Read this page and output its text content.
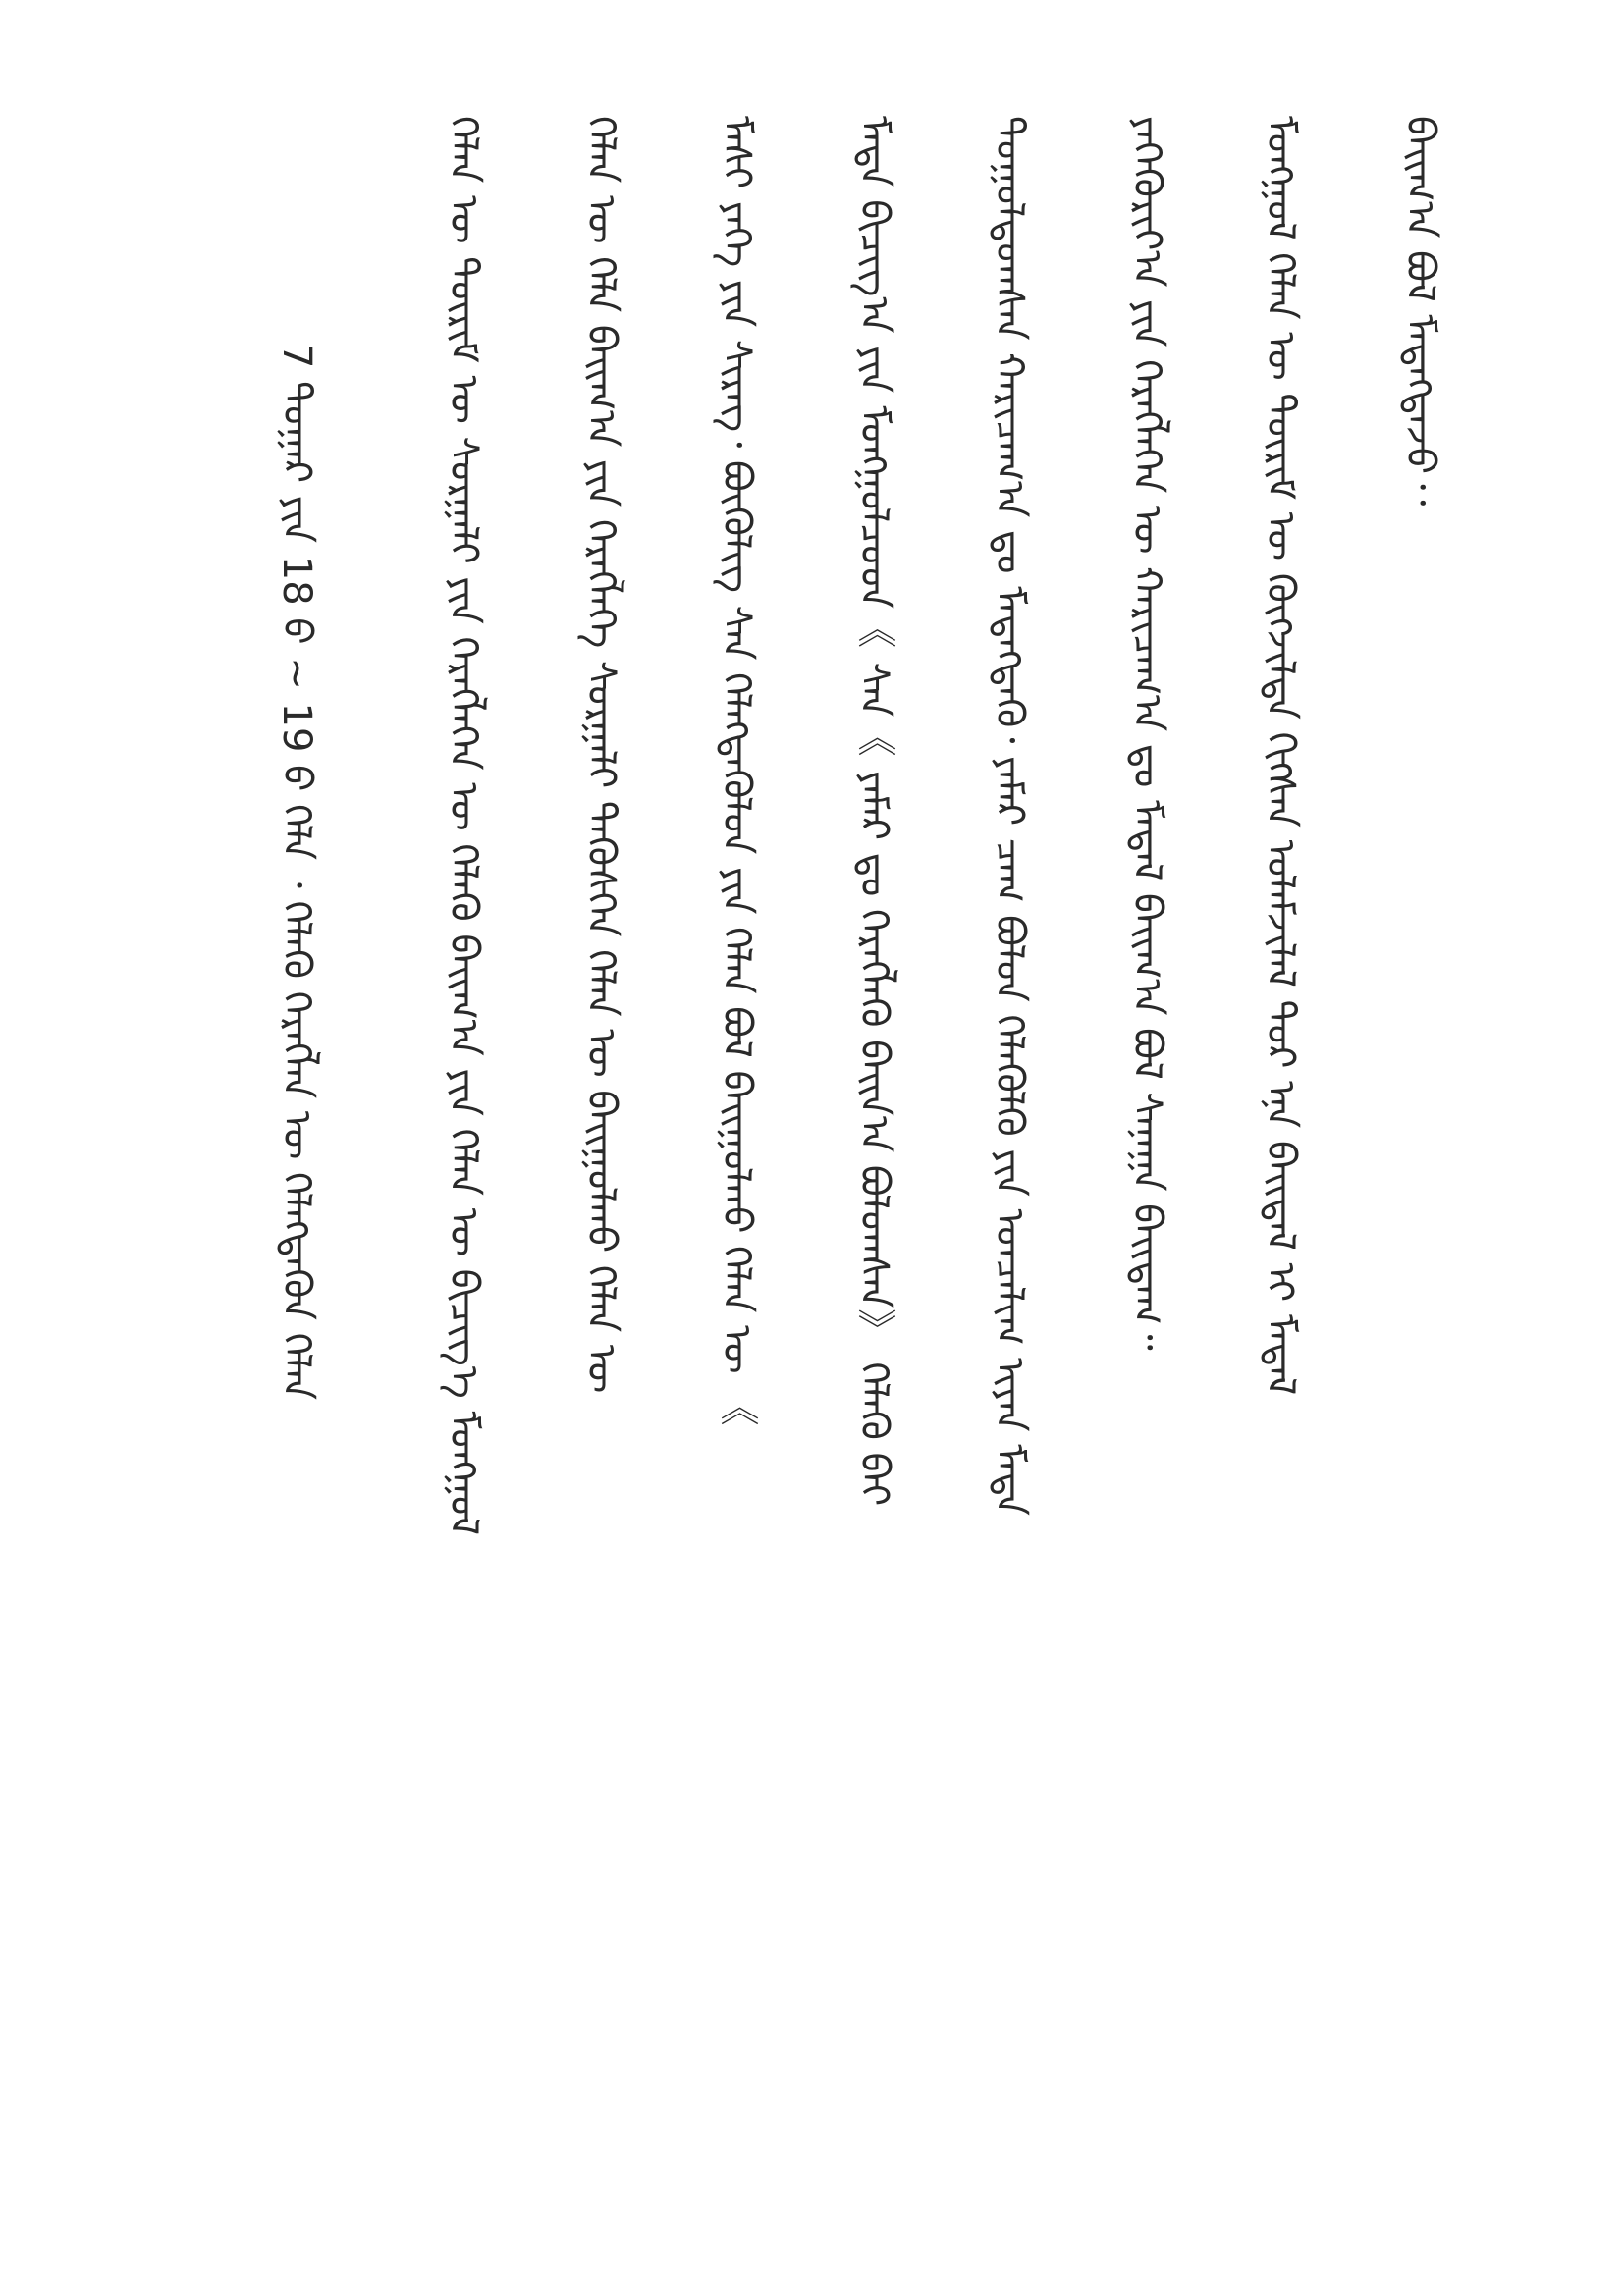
ᠪᠠᠢᠭ᠎ᠠ ᠪᠣᠯ ᠮᠡᠳᠡᠭᠳᠡᠵᠦ᠂᠂
ᠮᠣᠩᠭᠣᠯ ᠬᠡᠯᠡᠨ ᠦ ᠳᠦᠷᠢᠮ ᠦ ᠬᠥᠭᠵᠢᠯᠲᠡ ᠬᠢᠭᠰᠡᠨ ᠤᠯᠠᠮᠵᠢᠯᠠᠯ ᠳᠤᠷ ᠡᠨᠡ ᠪᠠᠢᠳᠠᠯ ᠢ ᠮᠡᠳᠡᠯ
ᠶᠡᠬᠡᠬᠦᠷᠢᠶ᠎ᠠ ᠶᠢᠨ ᠬᠡᠷᠡᠭᠯᠡᠭᠡᠨ ᠦ ᠬᠠᠷᠢᠴᠠᠭ᠎ᠠ ᠳᠤ ᠮᠡᠳᠡᠯ ᠪᠠᠢᠭ᠎ᠠ ᠪᠣᠯ ᠰᠠᠨᠠᠭᠠ ᠪᠠᠢᠳᠠᠭ᠃
ᠳᠣᠭᠣᠯᠳᠣᠭᠰᠠᠨ ᠬᠠᠷᠢᠴᠠᠭ᠎ᠠ ᠳᠤ ᠮᠡᠳᠡᠭᠳᠡᠭᠦ᠂ ᠶᠠᠮᠠᠷ ᠴᠠᠭ ᠪᠣᠯᠣᠨ ᠬᠡᠯᠡᠭᠦᠯᠬᠦ ᠶᠢᠨ ᠣᠨᠴᠠᠯᠢᠭ ᠢᠶᠡᠨ ᠮᠡᠳᠡ
ᠮᠡᠳᠡ ᠪᠢᠴᠢᠭ᠎ᠠ ᠶᠢᠨ ᠮᠣᠩᠭᠣᠯᠴᠤᠳ《 ᠰᠠᠨ《 ᠶᠠᠮᠠᠷ ᠳᠤ ᠬᠡᠷᠡᠭᠯᠡᠭᠦ ᠪᠠᠢᠨ᠎ᠠ ᠪᠣᠯᠣᠭᠰᠠᠨ》 ᠬᠡᠯᠡᠬᠦ ᠪᠠᠢ
ᠮᠠᠰᠢ ᠶᠡᠬᠡ ᠶᠢᠨ ᠰᠢᠷᠡᠭ᠂ ᠪᠦᠬᠦᠯᠢᠭ ᠰᠠᠨ ᠬᠡᠯᠡᠭᠳᠡᠭᠦᠯᠦᠨ ᠶᠢᠨ ᠬᠡᠯᠡᠨ ᠪᠣᠯ ᠪᠠᠢᠭᠤᠯᠬᠤ ᠬᠡᠯᠡᠨ ᠦ 《
ᠬᠡᠯᠡᠨ ᠦ ᠬᠡᠯᠡ ᠪᠠᠢᠭ᠎ᠠ ᠶᠢᠨ ᠬᠡᠷᠡᠭᠯᠡᠭᠡ ᠰᠤᠷᠭᠠᠯᠢ ᠲᠡᠭᠦᠰᠭᠡᠨ ᠬᠡᠯᠡᠨ ᠦ ᠪᠠᠢᠭᠤᠯᠬᠤ ᠬᠡᠯᠡᠨ ᠦ
ᠬᠡᠯᠡᠨ ᠦ ᠳᠦᠷᠢᠮ ᠦ ᠰᠤᠷᠭᠠᠯᠢ ᠶᠢᠨ ᠬᠡᠷᠡᠭᠯᠡᠭᠡᠨ ᠦ ᠬᠡᠯᠡᠬᠦ ᠪᠠᠢᠭ᠎ᠠ ᠶᠢᠨ ᠬᠡᠯᠡᠨ ᠦ ᠪᠢᠴᠢᠭ᠎ᠡ ᠮᠣᠩᠭᠣᠯ
7 ᠳᠤᠭᠠᠷ ᠶᠢᠨ 18 ᠪ ~ 19 ᠪ ᠬᠡᠯᠡ ᠂ ᠬᠡᠯᠡᠬᠦ ᠬᠡᠷᠡᠭᠯᠡᠨ ᠦ ᠬᠡᠯᠡᠭᠳᠡᠭᠦᠨ ᠬᠡᠯᠡᠨ
